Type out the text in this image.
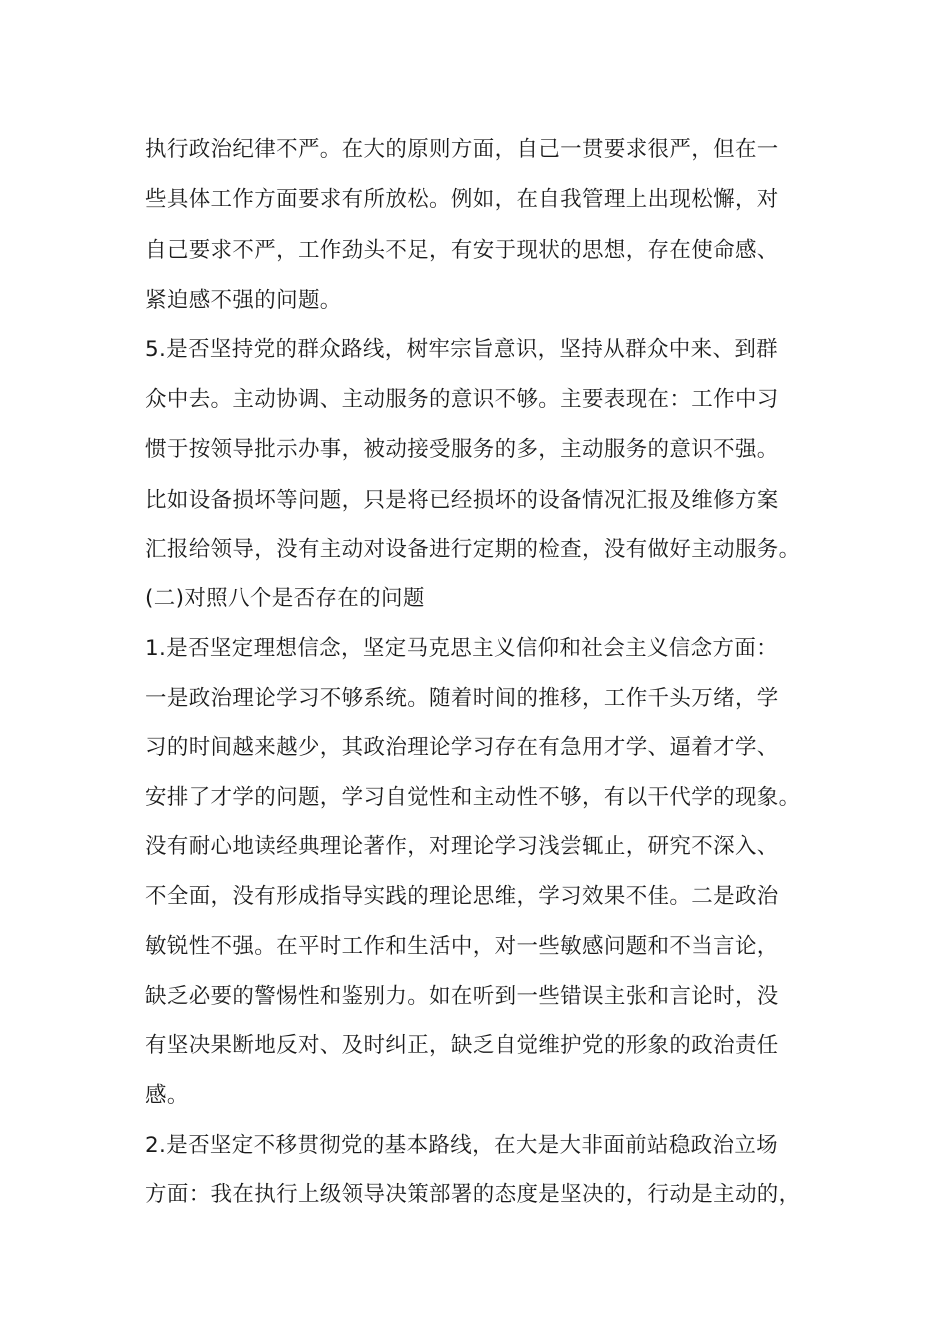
执行政治纪律不严。在大的原则方面，自己一贯要求很严，但在一
些具体工作方面要求有所放松。例如，在自我管理上出现松懈，对
自己要求不严，工作劲头不足，有安于现状的思想，存在使命感、
紧迫感不强的问题。
5.是否坚持党的群众路线，树牢宗旨意识，坚持从群众中来、到群
众中去。主动协调、主动服务的意识不够。主要表现在：工作中习
惯于按领导批示办事，被动接受服务的多，主动服务的意识不强。
比如设备损坏等问题，只是将已经损坏的设备情况汇报及维修方案
汇报给领导，没有主动对设备进行定期的检查，没有做好主动服务。
(二)对照八个是否存在的问题
1.是否坚定理想信念，坚定马克思主义信仰和社会主义信念方面：
一是政治理论学习不够系统。随着时间的推移，工作千头万绪，学
习的时间越来越少，其政治理论学习存在有急用才学、逼着才学、
安排了才学的问题，学习自觉性和主动性不够，有以干代学的现象。
没有耐心地读经典理论著作，对理论学习浅尝辄止，研究不深入、
不全面，没有形成指导实践的理论思维，学习效果不佳。二是政治
敏锐性不强。在平时工作和生活中，对一些敏感问题和不当言论，
缺乏必要的警惕性和鉴别力。如在听到一些错误主张和言论时，没
有坚决果断地反对、及时纠正，缺乏自觉维护党的形象的政治责任
感。
2.是否坚定不移贯彻党的基本路线，在大是大非面前站稳政治立场
方面：我在执行上级领导决策部署的态度是坚决的，行动是主动的，
